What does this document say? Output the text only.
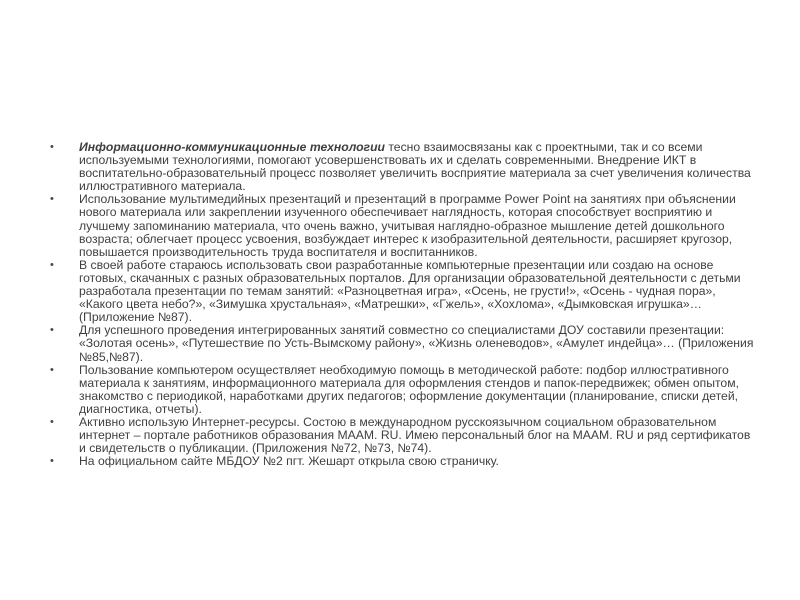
• Информационно-коммуникационные технологии тесно взаимосвязаны как с проектными, так и со всеми используемыми технологиями, помогают усовершенствовать их и сделать современными. Внедрение ИКТ в воспитательно-образовательный процесс позволяет увеличить восприятие материала за счет увеличения количества иллюстративного материала.
• Использование мультимедийных презентаций и презентаций в программе Power Point на занятиях при объяснении нового материала или закреплении изученного обеспечивает наглядность, которая способствует восприятию и лучшему запоминанию материала, что очень важно, учитывая наглядно-образное мышление детей дошкольного возраста; облегчает процесс усвоения, возбуждает интерес к изобразительной деятельности, расширяет кругозор, повышается производительность труда воспитателя и воспитанников.
• В своей работе стараюсь использовать свои разработанные компьютерные презентации или создаю на основе готовых, скачанных с разных образовательных порталов. Для организации образовательной деятельности с детьми разработала презентации по темам занятий: «Разноцветная игра», «Осень, не грусти!», «Осень - чудная пора», «Какого цвета небо?», «Зимушка хрустальная», «Матрешки», «Гжель», «Хохлома», «Дымковская игрушка»… (Приложение №87).
• Для успешного проведения интегрированных занятий совместно со специалистами ДОУ составили презентации: «Золотая осень», «Путешествие по Усть-Вымскому району», «Жизнь оленеводов», «Амулет индейца»… (Приложения №85,№87).
• Пользование компьютером осуществляет необходимую помощь в методической работе: подбор иллюстративного материала к занятиям, информационного материала для оформления стендов и папок-передвижек; обмен опытом, знакомство с периодикой, наработками других педагогов; оформление документации (планирование, списки детей, диагностика, отчеты).
• Активно использую Интернет-ресурсы. Состою в международном русскоязычном социальном образовательном интернет – портале работников образования МААМ. RU. Имею персональный блог на МААМ. RU и ряд сертификатов и свидетельств о публикации. (Приложения №72, №73, №74).
• На официальном сайте МБДОУ №2 пгт. Жешарт открыла свою страничку.
